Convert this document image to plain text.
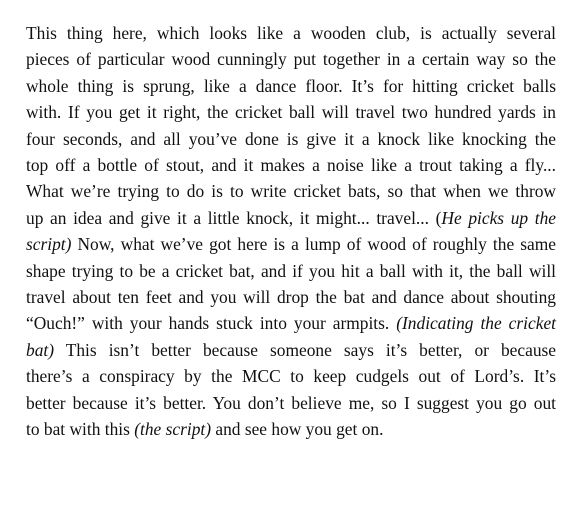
This thing here, which looks like a wooden club, is actually several
pieces of particular wood cunningly put together in a certain way so the
whole thing is sprung, like a dance floor. It’s for hitting cricket balls
with. If you get it right, the cricket ball will travel two hundred yards in
four seconds, and all you’ve done is give it a knock like knocking the
top off a bottle of stout, and it makes a noise like a trout taking a fly...
What we’re trying to do is to write cricket bats, so that when we throw
up an idea and give it a little knock, it might... travel... (He picks up the
script) Now, what we’ve got here is a lump of wood of roughly the same
shape trying to be a cricket bat, and if you hit a ball with it, the ball will
travel about ten feet and you will drop the bat and dance about shouting
“Ouch!” with your hands stuck into your armpits. (Indicating the cricket
bat) This isn’t better because someone says it’s better, or because
there’s a conspiracy by the MCC to keep cudgels out of Lord’s. It’s
better because it’s better. You don’t believe me, so I suggest you go out
to bat with this (the script) and see how you get on.
